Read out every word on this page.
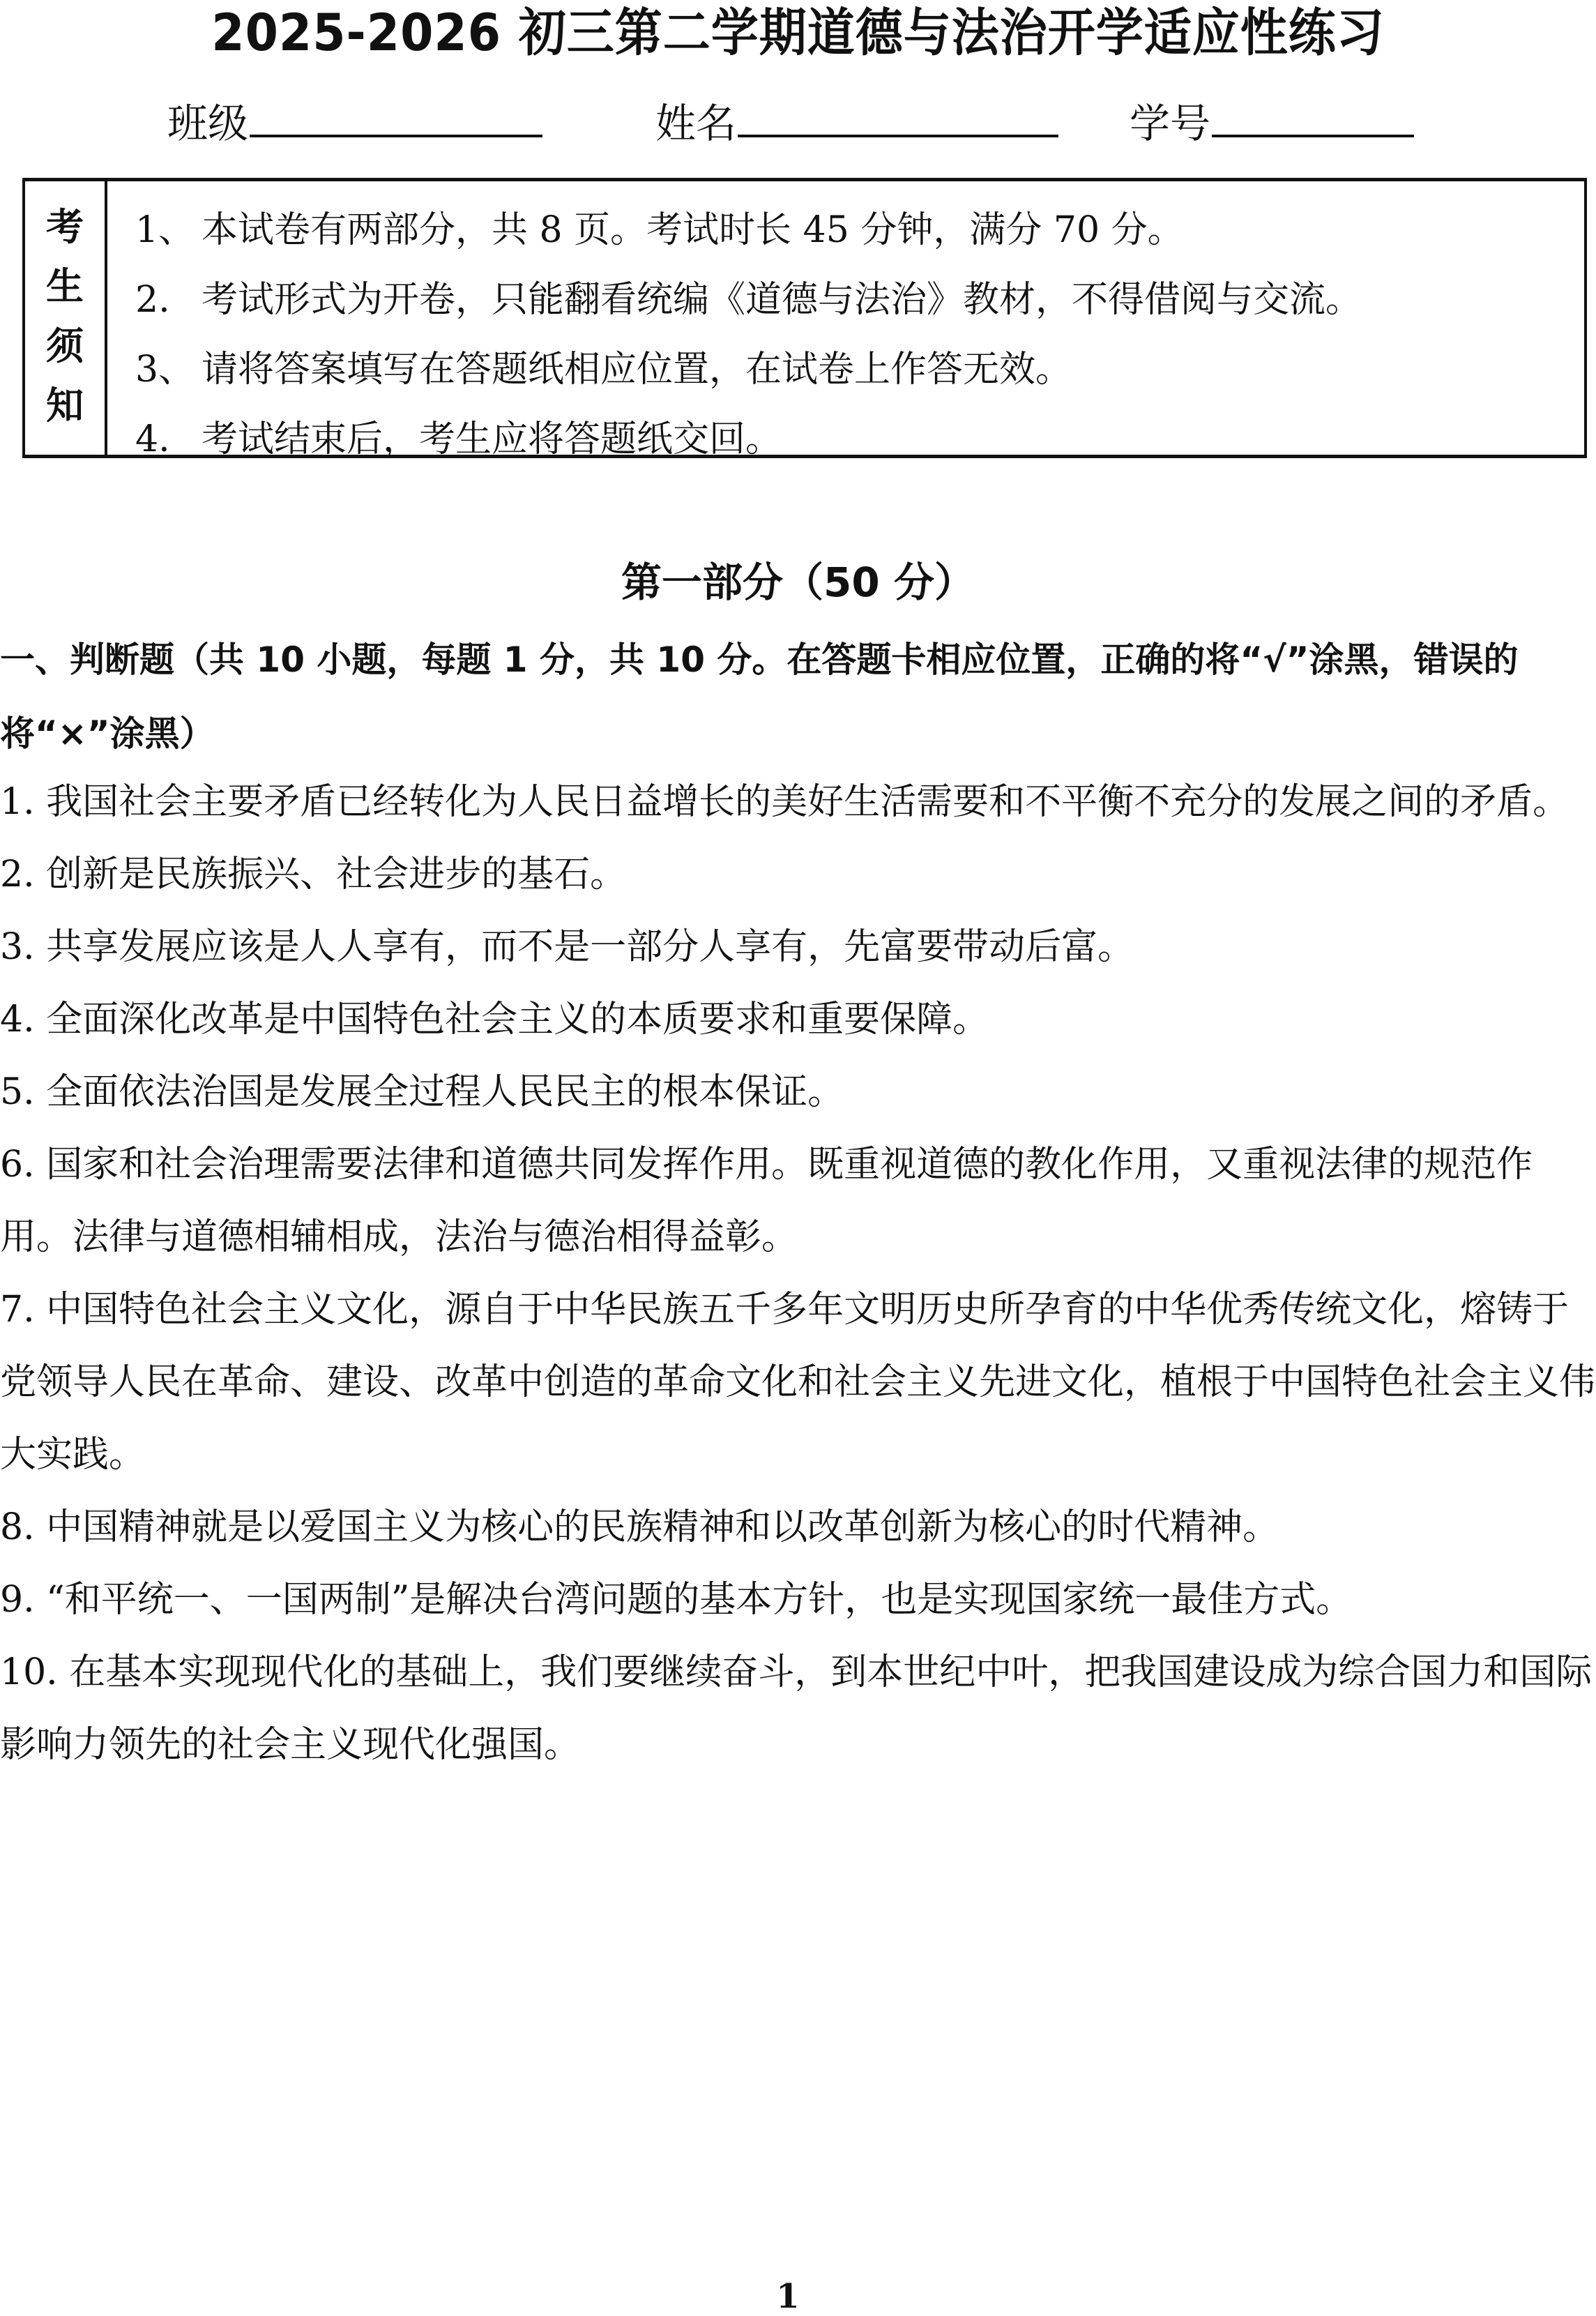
2025-2026 初三第二学期道德与法治开学适应性练习
班级	姓名	学号
考
生
须
知
1、 本试卷有两部分，共 8 页。考试时长 45 分钟，满分 70 分。
2. 考试形式为开卷，只能翻看统编《道德与法治》教材，不得借阅与交流。
3、 请将答案填写在答题纸相应位置，在试卷上作答无效。
4. 考试结束后，考生应将答题纸交回。
第一部分（50 分）
一、判断题（共 10 小题，每题 1 分，共 10 分。在答题卡相应位置，正确的将“√”涂黑，错误的将“×”涂黑）

1. 我国社会主要矛盾已经转化为人民日益增长的美好生活需要和不平衡不充分的发展之间的矛盾。

2. 创新是民族振兴、社会进步的基石。

3. 共享发展应该是人人享有，而不是一部分人享有，先富要带动后富。

4. 全面深化改革是中国特色社会主义的本质要求和重要保障。

5. 全面依法治国是发展全过程人民民主的根本保证。

6. 国家和社会治理需要法律和道德共同发挥作用。既重视道德的教化作用，又重视法律的规范作用。法律与道德相辅相成，法治与德治相得益彰。

7. 中国特色社会主义文化，源自于中华民族五千多年文明历史所孕育的中华优秀传统文化，熔铸于党领导人民在革命、建设、改革中创造的革命文化和社会主义先进文化，植根于中国特色社会主义伟大实践。

8. 中国精神就是以爱国主义为核心的民族精神和以改革创新为核心的时代精神。

9. “和平统一、一国两制”是解决台湾问题的基本方针，也是实现国家统一最佳方式。

10. 在基本实现现代化的基础上，我们要继续奋斗，到本世纪中叶，把我国建设成为综合国力和国际影响力领先的社会主义现代化强国。

1
